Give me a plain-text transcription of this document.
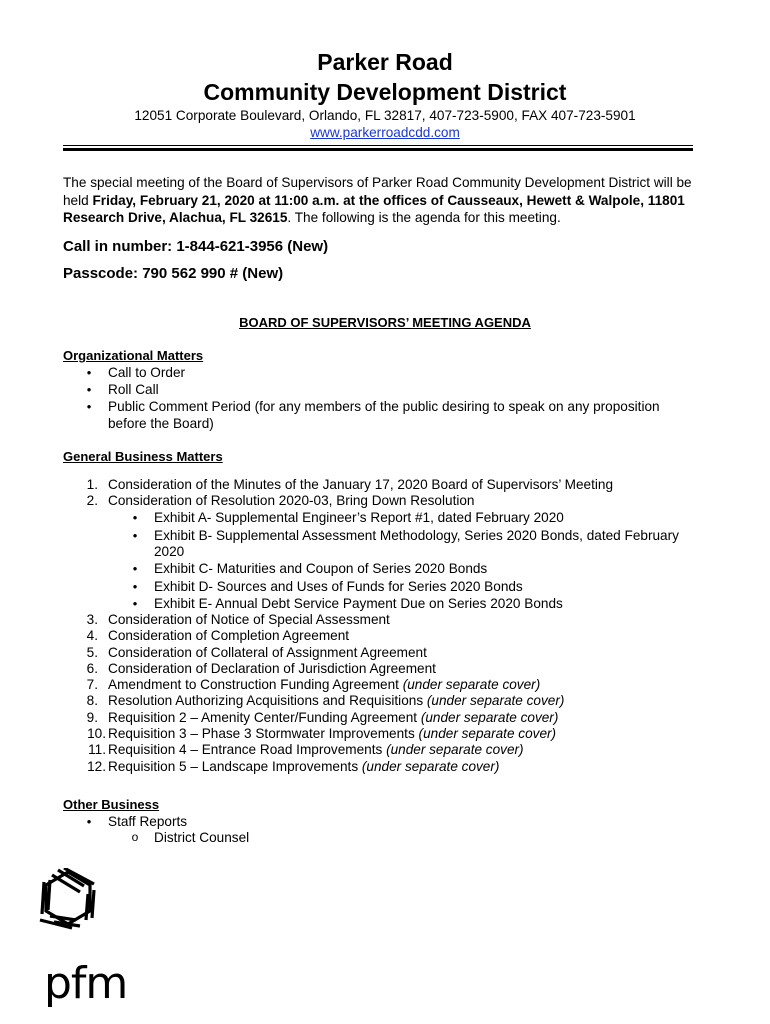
Parker Road
Community Development District
12051 Corporate Boulevard, Orlando, FL 32817, 407-723-5900, FAX 407-723-5901
www.parkerroadcdd.com
The special meeting of the Board of Supervisors of Parker Road Community Development District will be held Friday, February 21, 2020 at 11:00 a.m. at the offices of Causseaux, Hewett & Walpole, 11801 Research Drive, Alachua, FL 32615. The following is the agenda for this meeting.
Call in number: 1-844-621-3956 (New)
Passcode: 790 562 990 # (New)
BOARD OF SUPERVISORS’ MEETING AGENDA
Organizational Matters
• Call to Order
• Roll Call
• Public Comment Period (for any members of the public desiring to speak on any proposition
before the Board)
General Business Matters
1. Consideration of the Minutes of the January 17, 2020 Board of Supervisors’ Meeting
2. Consideration of Resolution 2020-03, Bring Down Resolution
• Exhibit A- Supplemental Engineer’s Report #1, dated February 2020
• Exhibit B- Supplemental Assessment Methodology, Series 2020 Bonds, dated February
2020
• Exhibit C- Maturities and Coupon of Series 2020 Bonds
• Exhibit D- Sources and Uses of Funds for Series 2020 Bonds
• Exhibit E- Annual Debt Service Payment Due on Series 2020 Bonds
3. Consideration of Notice of Special Assessment
4. Consideration of Completion Agreement
5. Consideration of Collateral of Assignment Agreement
6. Consideration of Declaration of Jurisdiction Agreement
7. Amendment to Construction Funding Agreement (under separate cover)
8. Resolution Authorizing Acquisitions and Requisitions (under separate cover)
9. Requisition 2 – Amenity Center/Funding Agreement (under separate cover)
10. Requisition 3 – Phase 3 Stormwater Improvements (under separate cover)
11. Requisition 4 – Entrance Road Improvements (under separate cover)
12. Requisition 5 – Landscape Improvements (under separate cover)
Other Business
• Staff Reports
o District Counsel
pfm
